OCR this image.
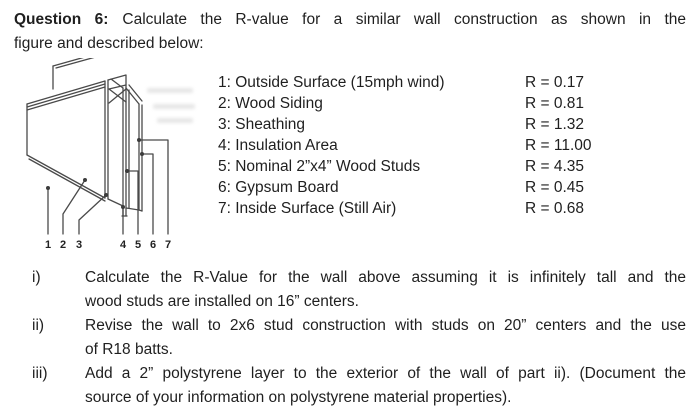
Question 6: Calculate the R-value for a similar wall construction as shown in the
figure and described below:
1 2 3	4 5 6 7
1: Outside Surface (15mph wind)	R = 0.17
2: Wood Siding	R = 0.81
3: Sheathing	R = 1.32
4: Insulation Area	R = 11.00
5: Nominal 2”x4” Wood Studs	R = 4.35
6: Gypsum Board	R = 0.45
7: Inside Surface (Still Air)	R = 0.68
i)	Calculate the R-Value for the wall above assuming it is infinitely tall and the
wood studs are installed on 16” centers.
ii)	Revise the wall to 2x6 stud construction with studs on 20” centers and the use
of R18 batts.
iii)	Add a 2” polystyrene layer to the exterior of the wall of part ii). (Document the
source of your information on polystyrene material properties).
